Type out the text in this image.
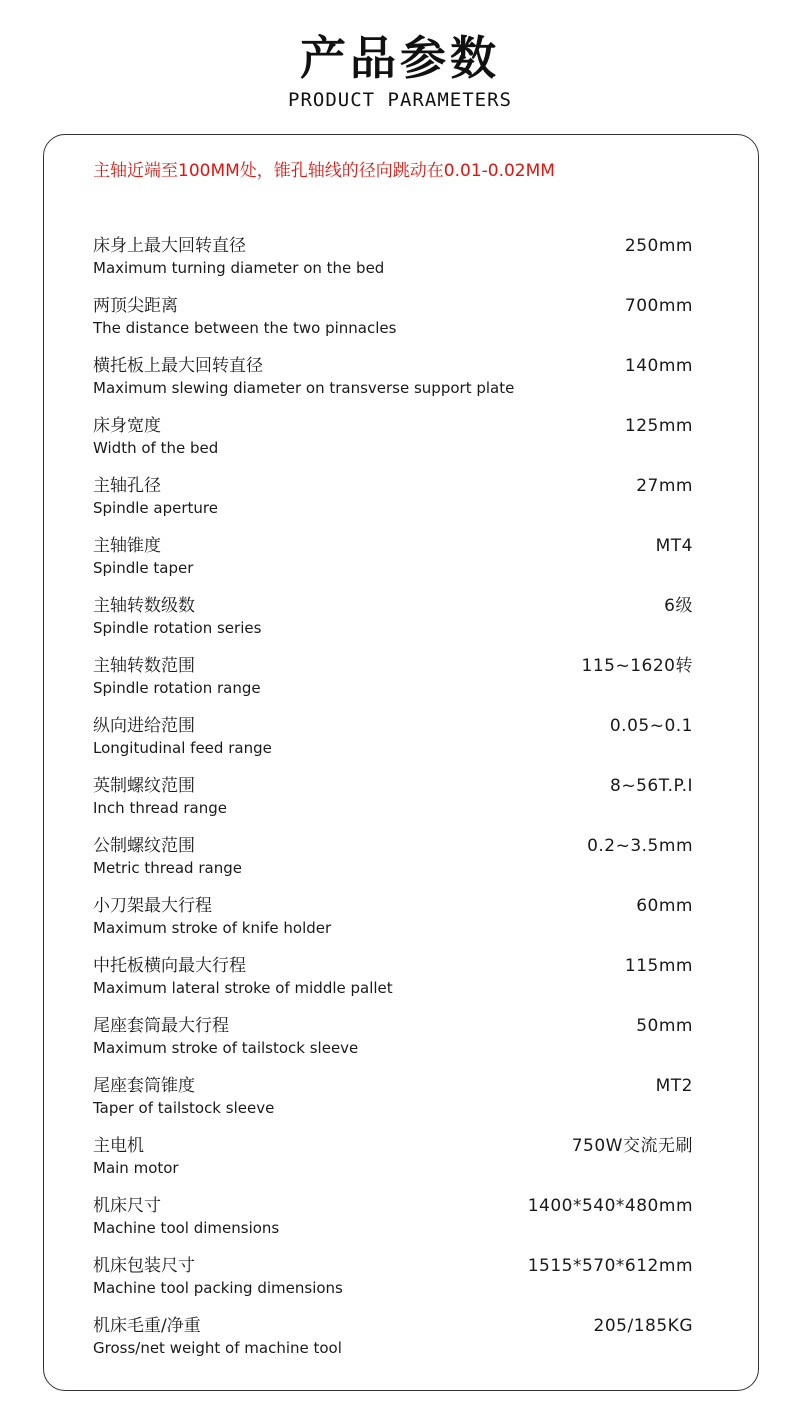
产品参数
PRODUCT PARAMETERS
主轴近端至100MM处，锥孔轴线的径向跳动在0.01-0.02MM
床身上最大回转直径
Maximum turning diameter on the bed
250mm
两顶尖距离
The distance between the two pinnacles
700mm
横托板上最大回转直径
Maximum slewing diameter on transverse support plate
140mm
床身宽度
Width of the bed
125mm
主轴孔径
Spindle aperture
27mm
主轴锥度
Spindle taper
MT4
主轴转数级数
Spindle rotation series
6级
主轴转数范围
Spindle rotation range
115~1620转
纵向进给范围
Longitudinal feed range
0.05~0.1
英制螺纹范围
Inch thread range
8~56T.P.I
公制螺纹范围
Metric thread range
0.2~3.5mm
小刀架最大行程
Maximum stroke of knife holder
60mm
中托板横向最大行程
Maximum lateral stroke of middle pallet
115mm
尾座套筒最大行程
Maximum stroke of tailstock sleeve
50mm
尾座套筒锥度
Taper of tailstock sleeve
MT2
主电机
Main motor
750W交流无刷
机床尺寸
Machine tool dimensions
1400*540*480mm
机床包装尺寸
Machine tool packing dimensions
1515*570*612mm
机床毛重/净重
Gross/net weight of machine tool
205/185KG
